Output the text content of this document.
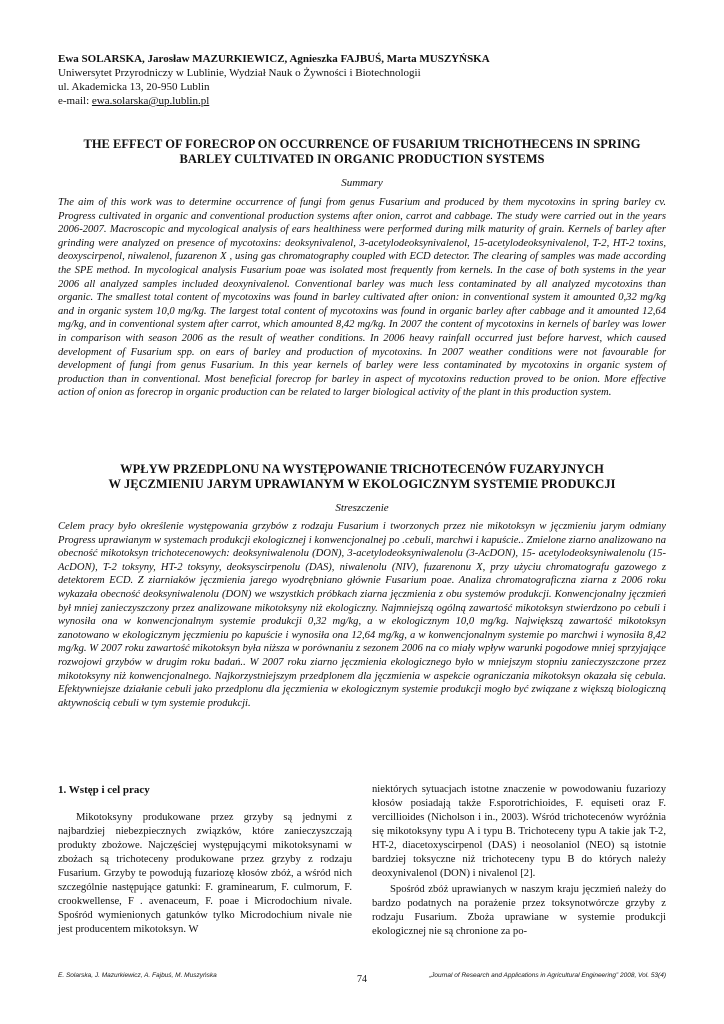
Ewa SOLARSKA, Jarosław MAZURKIEWICZ, Agnieszka FAJBUŚ, Marta MUSZYŃSKA
Uniwersytet Przyrodniczy w Lublinie, Wydział Nauk o Żywności i Biotechnologii
ul. Akademicka 13, 20-950 Lublin
e-mail: ewa.solarska@up.lublin.pl
THE EFFECT OF FORECROP ON OCCURRENCE OF FUSARIUM TRICHOTHECENS IN SPRING BARLEY CULTIVATED IN ORGANIC PRODUCTION SYSTEMS
Summary

The aim of this work was to determine occurrence of fungi from genus Fusarium and produced by them mycotoxins in spring barley cv. Progress cultivated in organic and conventional production systems after onion, carrot and cabbage. The study were carried out in the years 2006-2007. Macroscopic and mycological analysis of ears healthiness were performed during milk maturity of grain. Kernels of barley after grinding were analyzed on presence of mycotoxins: deoksynivalenol, 3-acetylodeoksynivalenol, 15-acetylodeoksynivalenol, T-2, HT-2 toxins, deoxyscirpenol, niwalenol, fuzarenon X , using gas chromatography coupled with ECD detector. The clearing of samples was made according the SPE method. In mycological analysis Fusarium poae was isolated most frequently from kernels. In the case of both systems in the year 2006 all analyzed samples included deoxynivalenol. Conventional barley was much less contaminated by all analyzed mycotoxins than organic. The smallest total content of mycotoxins was found in barley cultivated after onion: in conventional system it amounted 0,32 mg/kg and in organic system 10,0 mg/kg. The largest total content of mycotoxins was found in organic barley after cabbage and it amounted 12,64 mg/kg, and in conventional system after carrot, which amounted 8,42 mg/kg. In 2007 the content of mycotoxins in kernels of barley was lower in comparison with season 2006 as the result of weather conditions. In 2006 heavy rainfall occurred just before harvest, which caused development of Fusarium spp. on ears of barley and production of mycotoxins. In 2007 weather conditions were not favourable for development of fungi from genus Fusarium. In this year kernels of barley were less contaminated by mycotoxins in organic system of production than in conventional. Most beneficial forecrop for barley in aspect of mycotoxins reduction proved to be onion. More effective action of onion as forecrop in organic production can be related to larger biological activity of the plant in this production system.

WPŁYW PRZEDPLONU NA WYSTĘPOWANIE TRICHOTECENÓW FUZARYJNYCH
W JĘCZMIENIU JARYM UPRAWIANYM W EKOLOGICZNYM SYSTEMIE PRODUKCJI
Streszczenie

Celem pracy było określenie występowania grzybów z rodzaju Fusarium i tworzonych przez nie mikotoksyn w jęczmieniu jarym odmiany Progress uprawianym w systemach produkcji ekologicznej i konwencjonalnej po .cebuli, marchwi i kapuście.. Zmielone ziarno analizowano na obecność mikotoksyn trichotecenowych: deoksyniwalenolu (DON), 3-acetylodeoksyniwalenolu (3-AcDON), 15- acetylodeoksyniwalenolu (15-AcDON), T-2 toksyny, HT-2 toksyny, deoksyscirpenolu (DAS), niwalenolu (NIV), fuzarenonu X, przy użyciu chromatografu gazowego z detektorem ECD. Z ziarniaków jęczmienia jarego wyodrębniano głównie Fusarium poae. Analiza chromatograficzna ziarna z 2006 roku wykazała obecność deoksyniwalenolu (DON) we wszystkich próbkach ziarna jęczmienia z obu systemów produkcji. Konwencjonalny jęczmień był mniej zanieczyszczony przez analizowane mikotoksyny niż ekologiczny. Najmniejszą ogólną zawartość mikotoksyn stwierdzono po cebuli i wynosiła ona w konwencjonalnym systemie produkcji 0,32 mg/kg, a w ekologicznym 10,0 mg/kg. Największą zawartość mikotoksyn zanotowano w ekologicznym jęczmieniu po kapuście i wynosiła ona 12,64 mg/kg, a w konwencjonalnym systemie po marchwi i wynosiła 8,42 mg/kg. W 2007 roku zawartość mikotoksyn była niższa w porównaniu z sezonem 2006 na co miały wpływ warunki pogodowe mniej sprzyjające rozwojowi grzybów w drugim roku badań.. W 2007 roku ziarno jęczmienia ekologicznego było w mniejszym stopniu zanieczyszczone przez mikotoksyny niż konwencjonalnego. Najkorzystniejszym przedplonem dla jęczmienia w aspekcie ograniczania mikotoksyn okazała się cebula. Efektywniejsze działanie cebuli jako przedplonu dla jęczmienia w ekologicznym systemie produkcji mogło być związane z większą biologiczną aktywnością cebuli w tym systemie produkcji.

1. Wstęp i cel pracy

Mikotoksyny produkowane przez grzyby są jednymi z najbardziej niebezpiecznych związków, które zanieczyszczają produkty zbożowe. Najczęściej występującymi mikotoksynami w zbożach są trichoteceny produkowane przez grzyby z rodzaju Fusarium. Grzyby te powodują fuzariozę kłosów zbóż, a wśród nich szczególnie następujące gatunki: F. graminearum, F. culmorum, F. crookwellense, F . avenaceum, F. poae i Microdochium nivale. Spośród wymienionych gatunków tylko Microdochium nivale nie jest producentem mikotoksyn. W

niektórych sytuacjach istotne znaczenie w powodowaniu fuzariozy kłosów posiadają także F.sporotrichioides, F. equiseti oraz F. vercillioides (Nicholson i in., 2003). Wśród trichotecenów wyróżnia się mikotoksyny typu A i typu B. Trichoteceny typu A takie jak T-2, HT-2, diacetoxyscirpenol (DAS) i neosolaniol (NEO) są istotnie bardziej toksyczne niż trichoteceny typu B do których należy deoxynivalenol (DON) i nivalenol [2].

Spośród zbóż uprawianych w naszym kraju jęczmień należy do bardzo podatnych na porażenie przez toksynotwórcze grzyby z rodzaju Fusarium. Zboża uprawiane w systemie produkcji ekologicznej nie są chronione za po-

E. Solarska, J. Mazurkiewicz, A. Fajbuś, M. Muszyńska	74	„Journal of Research and Applications in Agricultural Engineering” 2008, Vol. 53(4)
